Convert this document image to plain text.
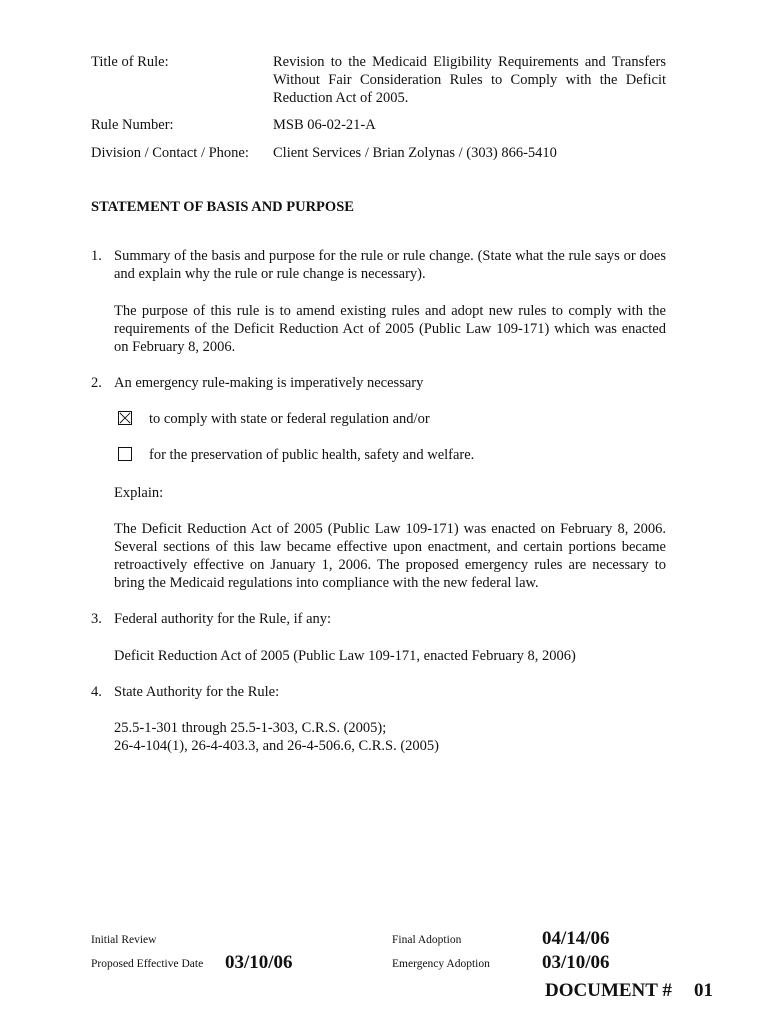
Title of Rule:	Revision to the Medicaid Eligibility Requirements and Transfers Without Fair Consideration Rules to Comply with the Deficit Reduction Act of 2005.
Rule Number:	MSB 06-02-21-A
Division / Contact / Phone: Client Services / Brian Zolynas / (303) 866-5410
STATEMENT OF BASIS AND PURPOSE
1. Summary of the basis and purpose for the rule or rule change. (State what the rule says or does and explain why the rule or rule change is necessary).
The purpose of this rule is to amend existing rules and adopt new rules to comply with the requirements of the Deficit Reduction Act of 2005 (Public Law 109-171) which was enacted on February 8, 2006.
2. An emergency rule-making is imperatively necessary
to comply with state or federal regulation and/or
for the preservation of public health, safety and welfare.
Explain:
The Deficit Reduction Act of 2005 (Public Law 109-171) was enacted on February 8, 2006. Several sections of this law became effective upon enactment, and certain portions became retroactively effective on January 1, 2006. The proposed emergency rules are necessary to bring the Medicaid regulations into compliance with the new federal law.
3. Federal authority for the Rule, if any:
Deficit Reduction Act of 2005 (Public Law 109-171, enacted February 8, 2006)
4. State Authority for the Rule:
25.5-1-301 through 25.5-1-303, C.R.S. (2005);
26-4-104(1), 26-4-403.3, and 26-4-506.6, C.R.S. (2005)
Initial Review
Proposed Effective Date 03/10/06
Final Adoption	04/14/06
Emergency Adoption	03/10/06
DOCUMENT # 01
